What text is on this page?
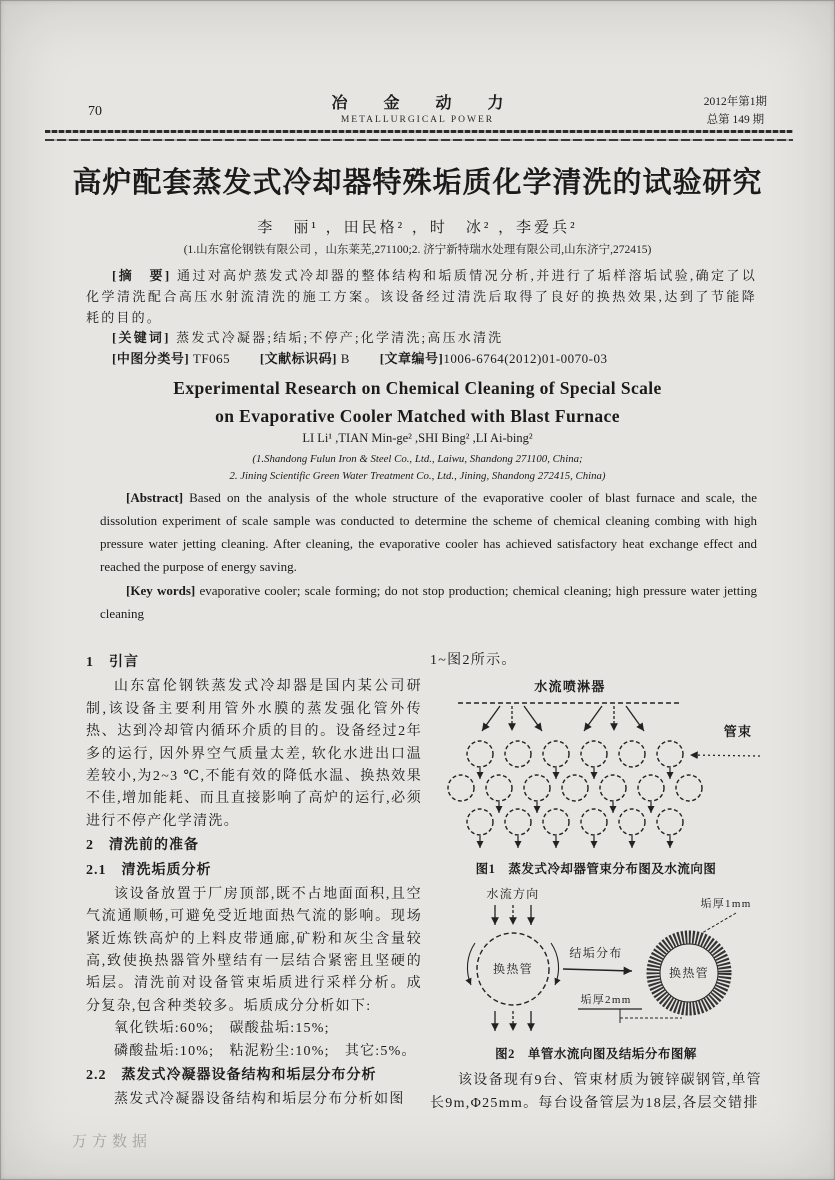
70	冶 金 动 力
METALLURGICAL POWER
2012年第1期
总第 149 期
高炉配套蒸发式冷却器特殊垢质化学清洗的试验研究
李　丽¹ ，田民格² ，时　冰² ，李爱兵²
(1.山东富伦钢铁有限公司 ，山东莱芜,271100;2. 济宁新特瑞水处理有限公司,山东济宁,272415)

[摘　要] 通过对高炉蒸发式冷却器的整体结构和垢质情况分析,并进行了垢样溶垢试验,确定了以化学清洗配合高压水射流清洗的施工方案。该设备经过清洗后取得了良好的换热效果,达到了节能降耗的目的。

[关键词] 蒸发式冷凝器;结垢;不停产;化学清洗;高压水清洗

[中图分类号] TF065 [文献标识码] B [文章编号]1006-6764(2012)01-0070-03

Experimental Research on Chemical Cleaning of Special Scale
on Evaporative Cooler Matched with Blast Furnace
LI Li¹ ,TIAN Min-ge² ,SHI Bing² ,LI Ai-bing²
(1.Shandong Fulun Iron & Steel Co., Ltd., Laiwu, Shandong 271100, China;
2. Jining Scientific Green Water Treatment Co., Ltd., Jining, Shandong 272415, China)

[Abstract] Based on the analysis of the whole structure of the evaporative cooler of blast furnace and scale, the dissolution experiment of scale sample was conducted to determine the scheme of chemical cleaning combing with high pressure water jetting cleaning. After cleaning, the evaporative cooler has achieved satisfactory heat exchange effect and reached the purpose of energy saving.

[Key words] evaporative cooler; scale forming; do not stop production; chemical cleaning; high pressure water jetting cleaning

1　引言

山东富伦钢铁蒸发式冷却器是国内某公司研制,该设备主要利用管外水膜的蒸发强化管外传热、达到冷却管内循环介质的目的。设备经过2年多的运行, 因外界空气质量太差, 软化水进出口温差较小,为2~3 ℃,不能有效的降低水温、换热效果不佳,增加能耗、而且直接影响了高炉的运行,必须进行不停产化学清洗。

2　清洗前的准备
2.1　清洗垢质分析

该设备放置于厂房顶部,既不占地面面积,且空气流通顺畅,可避免受近地面热气流的影响。现场紧近炼铁高炉的上料皮带通廊,矿粉和灰尘含量较高,致使换热器管外壁结有一层结合紧密且坚硬的垢层。清洗前对设备管束垢质进行采样分析。成分复杂,包含种类较多。垢质成分分析如下:

氧化铁垢:60%;　碳酸盐垢:15%;

磷酸盐垢:10%;　粘泥粉尘:10%;　其它:5%。

2.2　蒸发式冷凝器设备结构和垢层分布分析

蒸发式冷凝器设备结构和垢层分布分析如图

1~图2所示。

水流喷淋器
管束
图1　蒸发式冷却器管束分布图及水流向图
水流方向
换热管
结垢分布
换热管
垢厚1mm
垢厚2mm
图2　单管水流向图及结垢分布图解

该设备现有9台、管束材质为镀锌碳钢管,单管长9m,Φ25mm。每台设备管层为18层,各层交错排

万方数据
